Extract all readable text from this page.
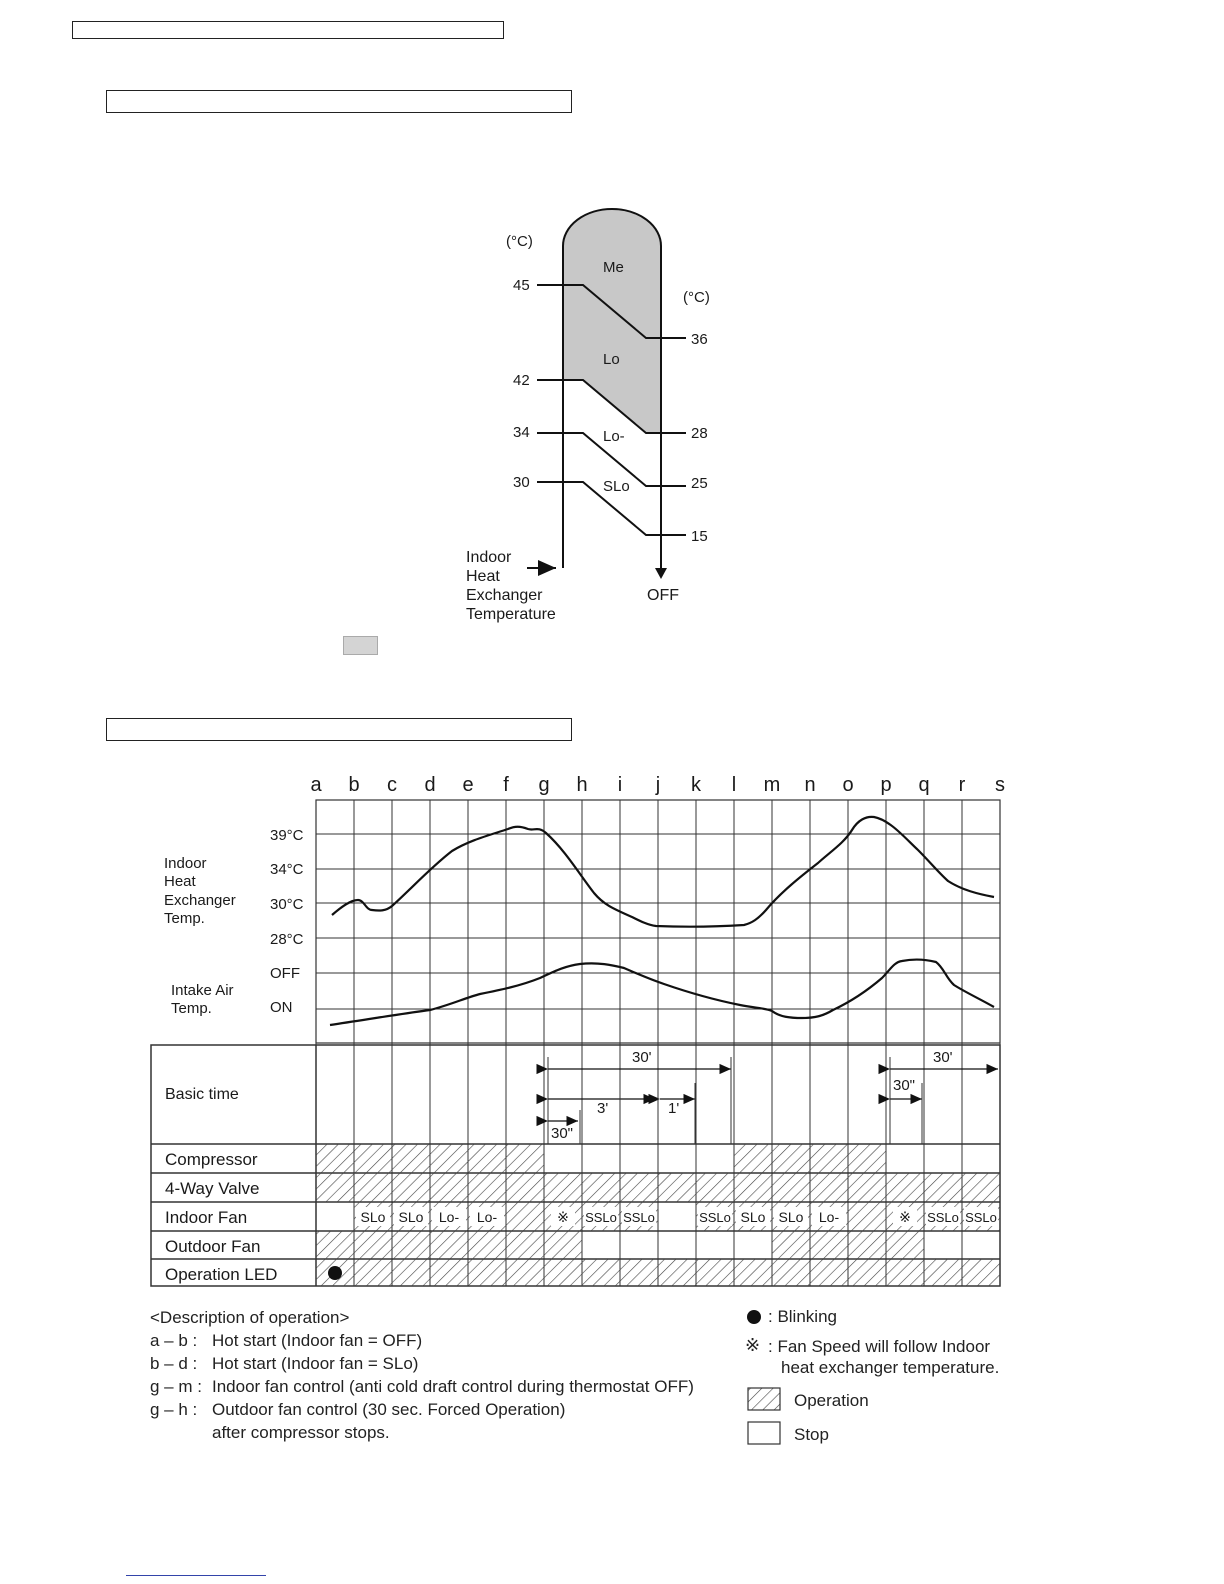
(°C)
(°C)
45
42
34
30
36
28
25
15
Me
Lo
Lo-
SLo
Indoor
Heat
Exchanger
Temperature
OFF
a b c d e f g h i j k l m n o p q r s
39°C
34°C
30°C
28°C
OFF
ON
Indoor
Heat
Exchanger
Temp.
Intake Air
Temp.
SLo SLo Lo- Lo-	※ SSLo SSLo	SSLo SLo SLo Lo-	※ SSLo SSLo
Basic time
Compressor
4-Way Valve
Indoor Fan
Outdoor Fan
Operation LED
30'
3'	1'
30"
30'
30"
<Description of operation>
a – b : Hot start (Indoor fan = OFF)
b – d : Hot start (Indoor fan = SLo)
g – m : Indoor fan control (anti cold draft control during thermostat OFF)
g – h : Outdoor fan control (30 sec. Forced Operation)
after compressor stops.
: Blinking
※ : Fan Speed will follow Indoor
heat exchanger temperature.
Operation
Stop
